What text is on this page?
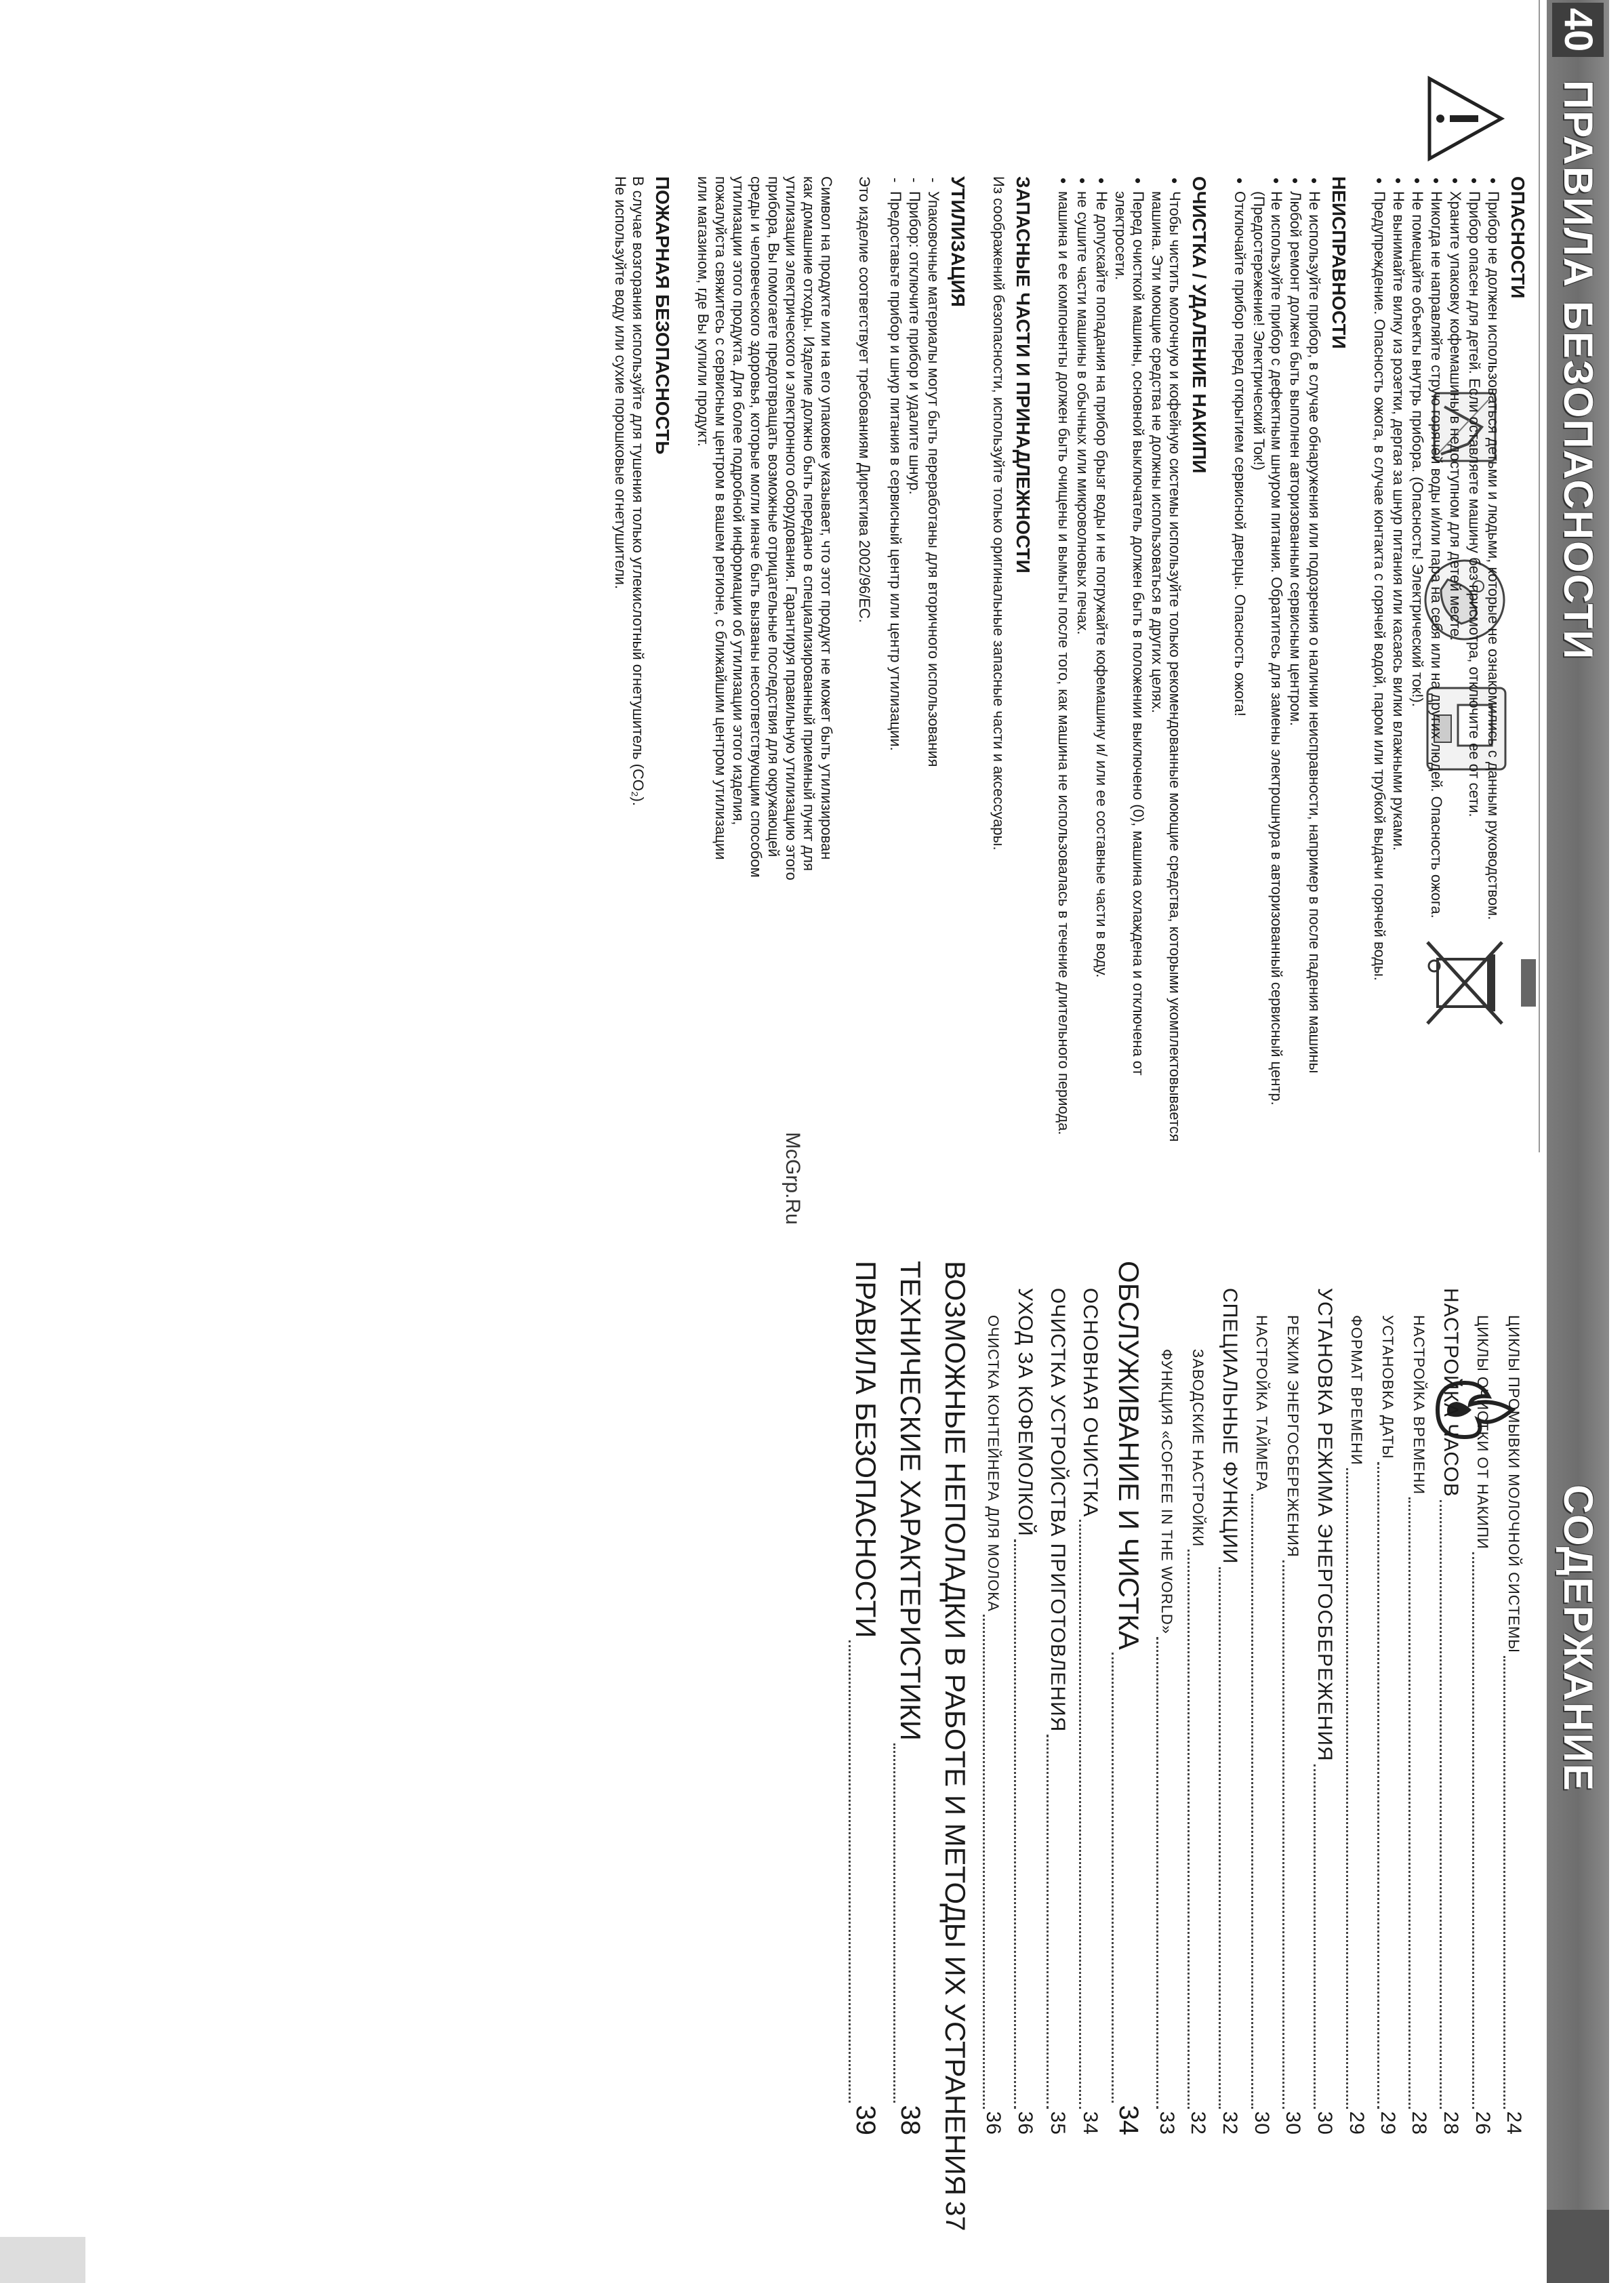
40
ПРАВИЛА БЕЗОПАСНОСТИ
СОДЕРЖАНИЕ
ОПАСНОСТИ
• Прибор не должен использоваться детьми и людьми, которые не ознакомились с данным руководством.
• Прибор опасен для детей. Если оставляете машину без присмотра, отключите ее от сети.
• Храните упаковку кофемашины в недоступном для детей месте.
• Никогда не направляйте струю горячей воды и/или пара на себя или на других людей. Опасность ожога.
• Не помещайте объекты внутрь прибора. (Опасность! Электрический ток!).
• Не вынимайте вилку из розетки, дергая за шнур питания или касаясь вилки влажными руками.
• Предупреждение. Опасность ожога, в случае контакта с горячей водой, паром или трубкой выдачи горячей воды.
НЕИСПРАВНОСТИ
• Не используйте прибор, в случае обнаружения или подозрения о наличии неисправности, например в после падения машины
• Любой ремонт должен быть выполнен авторизованным сервисным центром.
• Не используйте прибор с дефектным шнуром питания. Обратитесь для замены электрошнура в авторизованный сервисный центр. (Предостережение! Электрический Ток!)
• Отключайте прибор перед открытием сервисной дверцы. Опасность ожога!
ОЧИСТКА / УДАЛЕНИЕ НАКИПИ
• Чтобы чистить молочную и кофейную системы используйте только рекомендованные моющие средства, которыми укомплектовывается машина. Эти моющие средства не должны использоваться в других целях.
• Перед очисткой машины, основной выключатель должен быть в положении выключено (0), машина охлаждена и отключена от электросети.
• Не допускайте попадания на прибор брызг воды и не погружайте кофемашину и/ или ее составные части в воду.
• не сушите части машины в обычных или микроволновых печах.
• машина и ее компоненты должен быть очищены и вымыты после того, как машина не использовалась в течение длительного периода.
ЗАПАСНЫЕ ЧАСТИ И ПРИНАДЛЕЖНОСТИ
Из соображений безопасности, используйте только оригинальные запасные части и аксессуары.
УТИЛИЗАЦИЯ
- Упаковочные материалы могут быть переработаны для вторичного использования
- Прибор: отключите прибор и удалите шнур.
- Предоставьте прибор и шнур питания в сервисный центр или центр утилизации.
Это изделие соответствует требованиям Директива 2002/96/EC.
Символ на продукте или на его упаковке указывает, что этот продукт не может быть утилизирован как домашние отходы. Изделие должно быть передано в специализированный приемный пункт для утилизации электрического и электронного оборудования. Гарантируя правильную утилизацию этого прибора, Вы помогаете предотвращать возможные отрицательные последствия для окружающей среды и человеческого здоровья, которые могли иначе быть вызваны несоответствующим способом утилизации этого продукта. Для более подробной информации об утилизации этого изделия, пожалуйста свяжитесь с сервисным центром в вашем регионе, с ближайшим центром утилизации или магазином, где Вы купили продукт.
ПОЖАРНАЯ БЕЗОПАСНОСТЬ
В случае возгорания используйте для тушения только углекислотный огнетушитель (CO₂).
Не используйте воду или сухие порошковые огнетушители.
ЦИКЛЫ ПРОМЫВКИ МОЛОЧНОЙ СИСТЕМЫ
24
ЦИКЛЫ ОЧИСТКИ ОТ НАКИПИ
26
НАСТРОЙКА ЧАСОВ
28
НАСТРОЙКА ВРЕМЕНИ
28
УСТАНОВКА ДАТЫ
29
ФОРМАТ ВРЕМЕНИ
29
УСТАНОВКА РЕЖИМА ЭНЕРГОСБЕРЕЖЕНИЯ
30
РЕЖИМ ЭНЕРГОСБЕРЕЖЕНИЯ
30
НАСТРОЙКА ТАЙМЕРА
30
СПЕЦИАЛЬНЫЕ ФУНКЦИИ
32
ЗАВОДСКИЕ НАСТРОЙКИ
32
ФУНКЦИЯ «COFFEE IN THE WORLD»
33
ОБСЛУЖИВАНИЕ И ЧИСТКА
34
ОСНОВНАЯ ОЧИСТКА
34
ОЧИСТКА УСТРОЙСТВА ПРИГОТОВЛЕНИЯ
35
УХОД ЗА КОФЕМОЛКОЙ
36
ОЧИСТКА КОНТЕЙНЕРА ДЛЯ МОЛОКА
36
ВОЗМОЖНЫЕ НЕПОЛАДКИ В РАБОТЕ И МЕТОДЫ ИХ УСТРАНЕНИЯ
37
ТЕХНИЧЕСКИЕ ХАРАКТЕРИСТИКИ
38
ПРАВИЛА БЕЗОПАСНОСТИ
39
McGrp.Ru
